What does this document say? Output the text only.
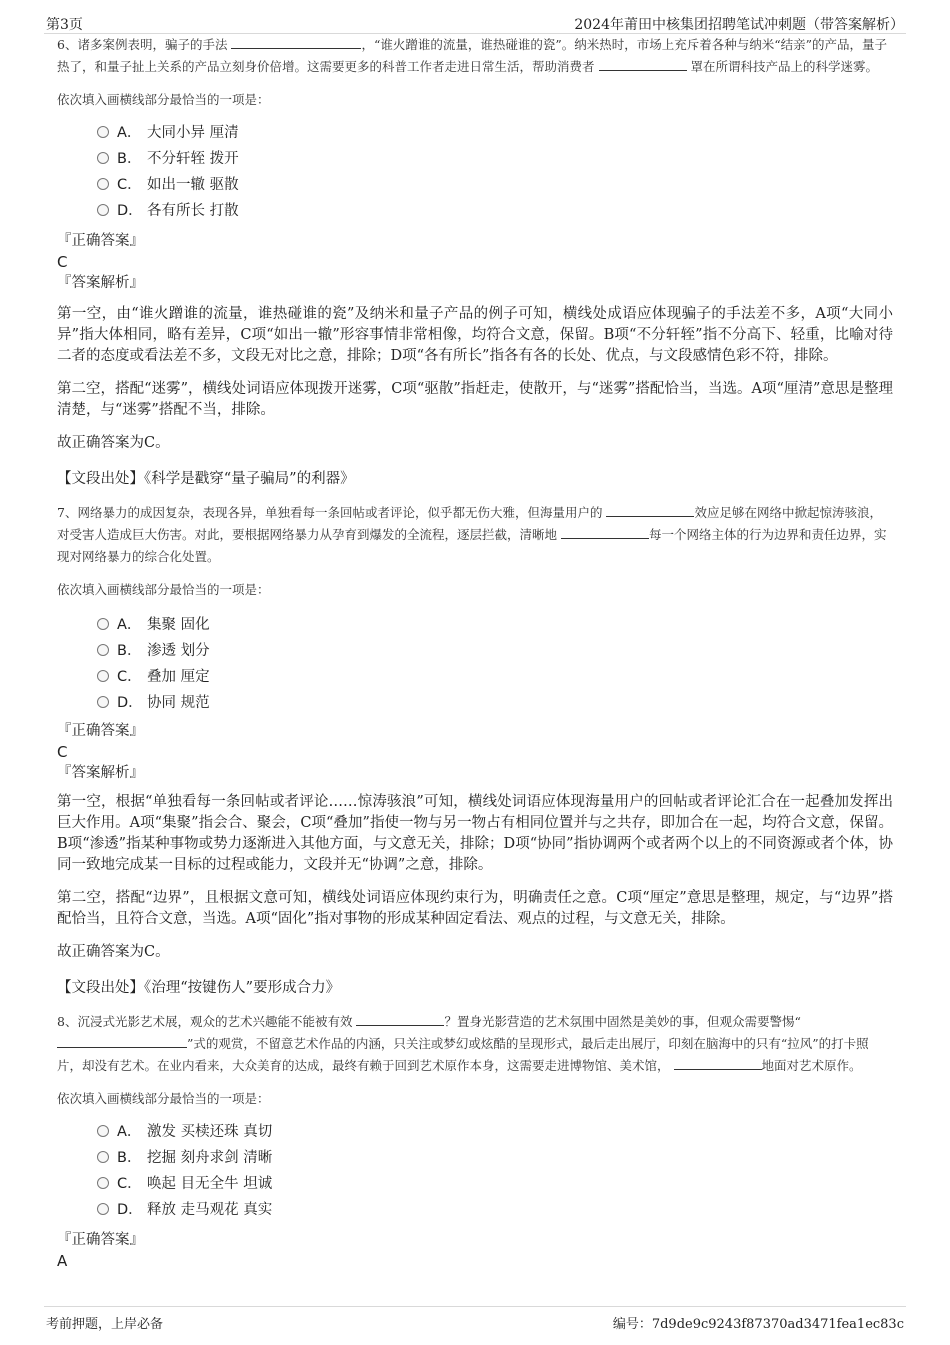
第3页	2024年莆田中核集团招聘笔试冲刺题（带答案解析）

6、诸多案例表明，骗子的手法	，“谁火蹭谁的流量，谁热碰谁的瓷”。纳米热时，市场上充斥着各种与纳米“结亲”的产品，量子热了，和量子扯上关系的产品立刻身价倍增。这需要更多的科普工作者走进日常生活，帮助消费者	罩在所谓科技产品上的科学迷雾。

依次填入画横线部分最恰当的一项是：

A． 大同小异 厘清
B． 不分轩轾 拨开
C． 如出一辙 驱散
D． 各有所长 打散

『正确答案』

C

『答案解析』

第一空，由“谁火蹭谁的流量，谁热碰谁的瓷”及纳米和量子产品的例子可知，横线处成语应体现骗子的手法差不多，A项“大同小异”指大体相同，略有差异，C项“如出一辙”形容事情非常相像，均符合文意，保留。B项“不分轩轾”指不分高下、轻重，比喻对待二者的态度或看法差不多，文段无对比之意，排除；D项“各有所长”指各有各的长处、优点，与文段感情色彩不符，排除。

第二空，搭配“迷雾”，横线处词语应体现拨开迷雾，C项“驱散”指赶走，使散开，与“迷雾”搭配恰当，当选。A项“厘清”意思是整理清楚，与“迷雾”搭配不当，排除。

故正确答案为C。

【文段出处】《科学是戳穿“量子骗局”的利器》

7、网络暴力的成因复杂，表现各异，单独看每一条回帖或者评论，似乎都无伤大雅，但海量用户的	效应足够在网络中掀起惊涛骇浪，对受害人造成巨大伤害。对此，要根据网络暴力从孕育到爆发的全流程，逐层拦截，清晰地	每一个网络主体的行为边界和责任边界，实现对网络暴力的综合化处置。

依次填入画横线部分最恰当的一项是：

A． 集聚 固化
B． 渗透 划分
C． 叠加 厘定
D． 协同 规范

『正确答案』

C

『答案解析』

第一空，根据“单独看每一条回帖或者评论……惊涛骇浪”可知，横线处词语应体现海量用户的回帖或者评论汇合在一起叠加发挥出巨大作用。A项“集聚”指会合、聚会，C项“叠加”指使一物与另一物占有相同位置并与之共存，即加合在一起，均符合文意，保留。B项“渗透”指某种事物或势力逐渐进入其他方面，与文意无关，排除；D项“协同”指协调两个或者两个以上的不同资源或者个体，协同一致地完成某一目标的过程或能力，文段并无“协调”之意，排除。

第二空，搭配“边界”，且根据文意可知，横线处词语应体现约束行为，明确责任之意。C项“厘定”意思是整理，规定，与“边界”搭配恰当，且符合文意，当选。A项“固化”指对事物的形成某种固定看法、观点的过程，与文意无关，排除。

故正确答案为C。

【文段出处】《治理“按键伤人”要形成合力》

8、沉浸式光影艺术展，观众的艺术兴趣能不能被有效	？置身光影营造的艺术氛围中固然是美妙的事，但观众需要警惕“”式的观赏，不留意艺术作品的内涵，只关注或梦幻或炫酷的呈现形式，最后走出展厅，印刻在脑海中的只有“拉风”的打卡照片，却没有艺术。在业内看来，大众美育的达成，最终有赖于回到艺术原作本身，这需要走进博物馆、美术馆，	地面对艺术原作。

依次填入画横线部分最恰当的一项是：

A． 激发 买椟还珠 真切
B． 挖掘 刻舟求剑 清晰
C． 唤起 目无全牛 坦诚
D． 释放 走马观花 真实

『正确答案』

A

考前押题，上岸必备	编号：7d9de9c9243f87370ad3471fea1ec83c
